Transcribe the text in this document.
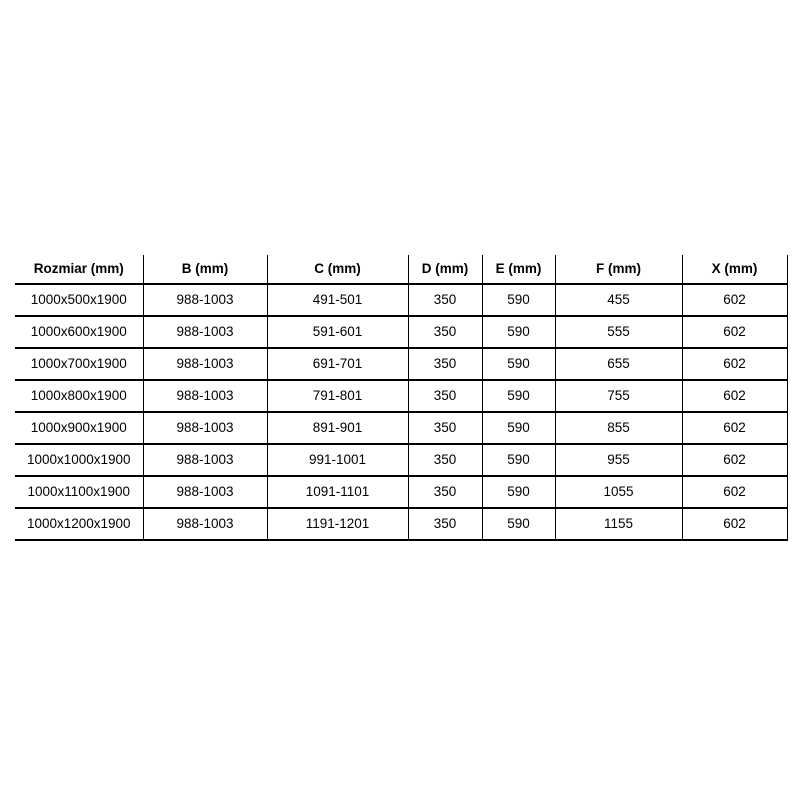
Rozmiar (mm)	B (mm)	C (mm)	D (mm)	E (mm)	F (mm)	X (mm)
1000x500x1900	988-1003	491-501	350	590	455	602
1000x600x1900	988-1003	591-601	350	590	555	602
1000x700x1900	988-1003	691-701	350	590	655	602
1000x800x1900	988-1003	791-801	350	590	755	602
1000x900x1900	988-1003	891-901	350	590	855	602
1000x1000x1900	988-1003	991-1001	350	590	955	602
1000x1100x1900	988-1003	1091-1101	350	590	1055	602
1000x1200x1900	988-1003	1191-1201	350	590	1155	602
